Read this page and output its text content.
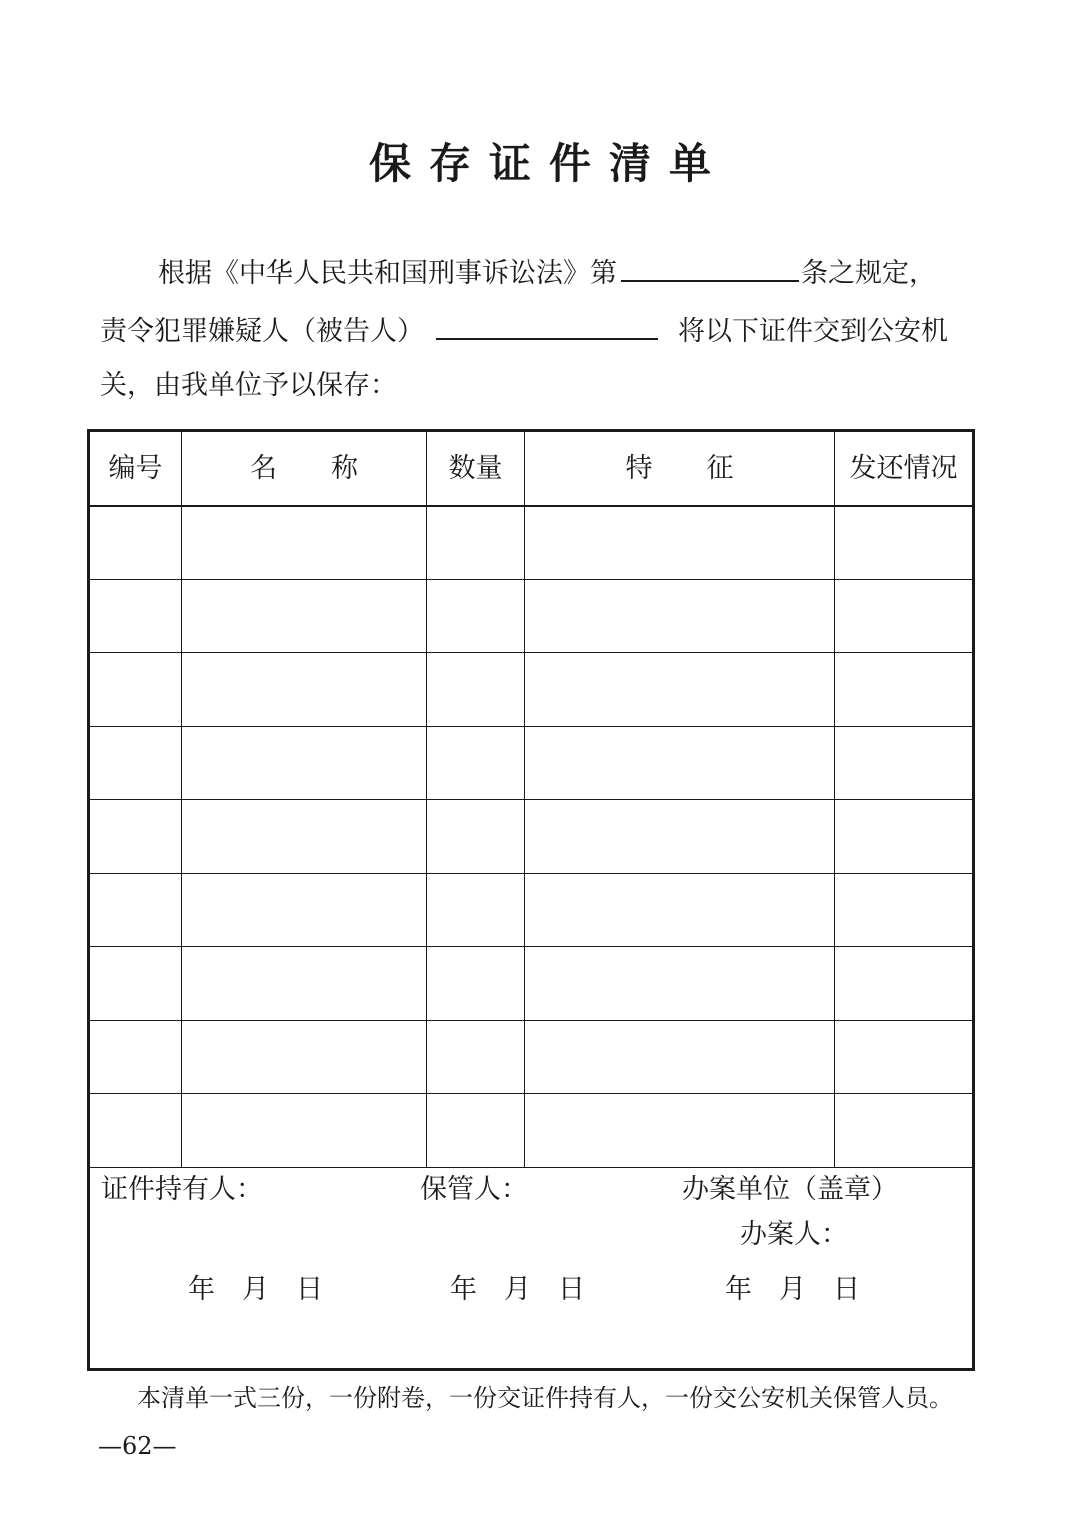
保 存 证 件 清 单
根据《中华人民共和国刑事诉讼法》第	条之规定，
责令犯罪嫌疑人（被告人）	将以下证件交到公安机
关，由我单位予以保存：
编号	名　　称	数量	特　　征	发还情况
证件持有人：	保管人：	办案单位（盖章）
办案人：
年　月　日	年　月　日	年　月　日
本清单一式三份，一份附卷，一份交证件持有人，一份交公安机关保管人员。
—62—
